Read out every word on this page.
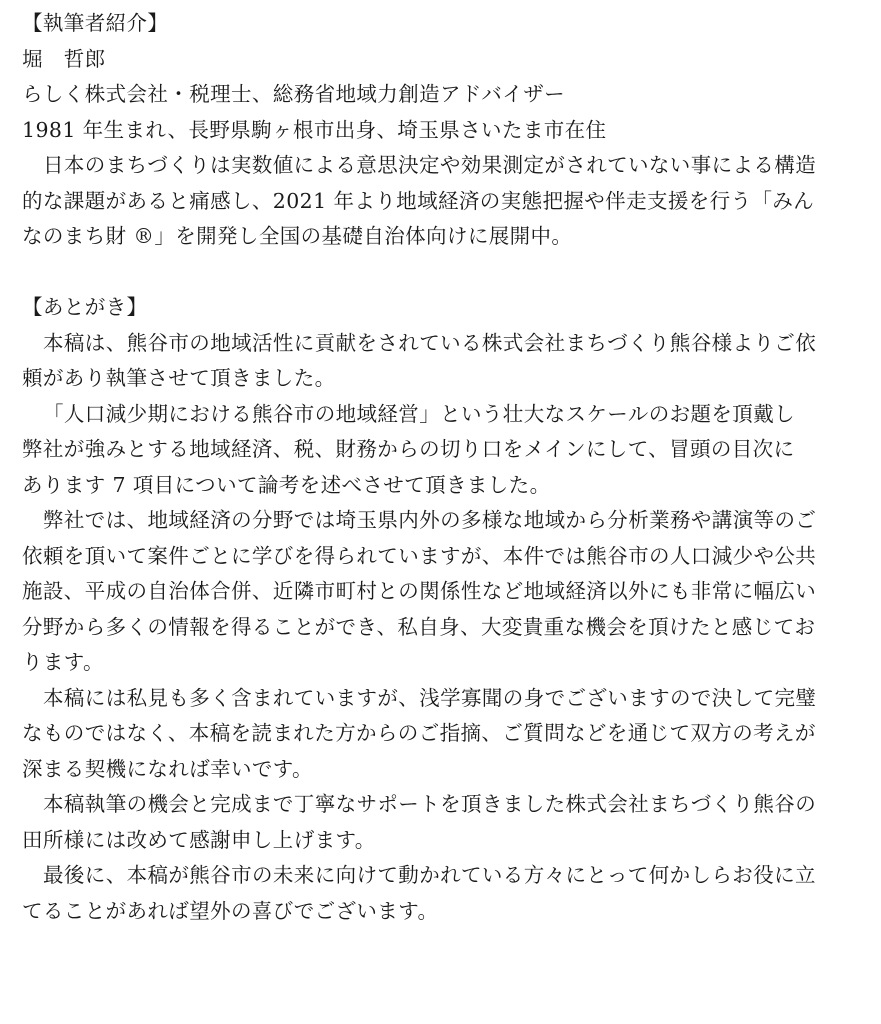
【執筆者紹介】
堀　哲郎
らしく株式会社・税理士、総務省地域力創造アドバイザー
1981 年生まれ、長野県駒ヶ根市出身、埼玉県さいたま市在住
日本のまちづくりは実数値による意思決定や効果測定がされていない事による構造
的な課題があると痛感し、2021 年より地域経済の実態把握や伴走支援を行う「みん
なのまち財 ®」を開発し全国の基礎自治体向けに展開中。
【あとがき】
本稿は、熊谷市の地域活性に貢献をされている株式会社まちづくり熊谷様よりご依
頼があり執筆させて頂きました。
「人口減少期における熊谷市の地域経営」という壮大なスケールのお題を頂戴し
弊社が強みとする地域経済、税、財務からの切り口をメインにして、冒頭の目次に
あります 7 項目について論考を述べさせて頂きました。
弊社では、地域経済の分野では埼玉県内外の多様な地域から分析業務や講演等のご
依頼を頂いて案件ごとに学びを得られていますが、本件では熊谷市の人口減少や公共
施設、平成の自治体合併、近隣市町村との関係性など地域経済以外にも非常に幅広い
分野から多くの情報を得ることができ、私自身、大変貴重な機会を頂けたと感じてお
ります。
本稿には私見も多く含まれていますが、浅学寡聞の身でございますので決して完璧
なものではなく、本稿を読まれた方からのご指摘、ご質問などを通じて双方の考えが
深まる契機になれば幸いです。
本稿執筆の機会と完成まで丁寧なサポートを頂きました株式会社まちづくり熊谷の
田所様には改めて感謝申し上げます。
最後に、本稿が熊谷市の未来に向けて動かれている方々にとって何かしらお役に立
てることがあれば望外の喜びでございます。
